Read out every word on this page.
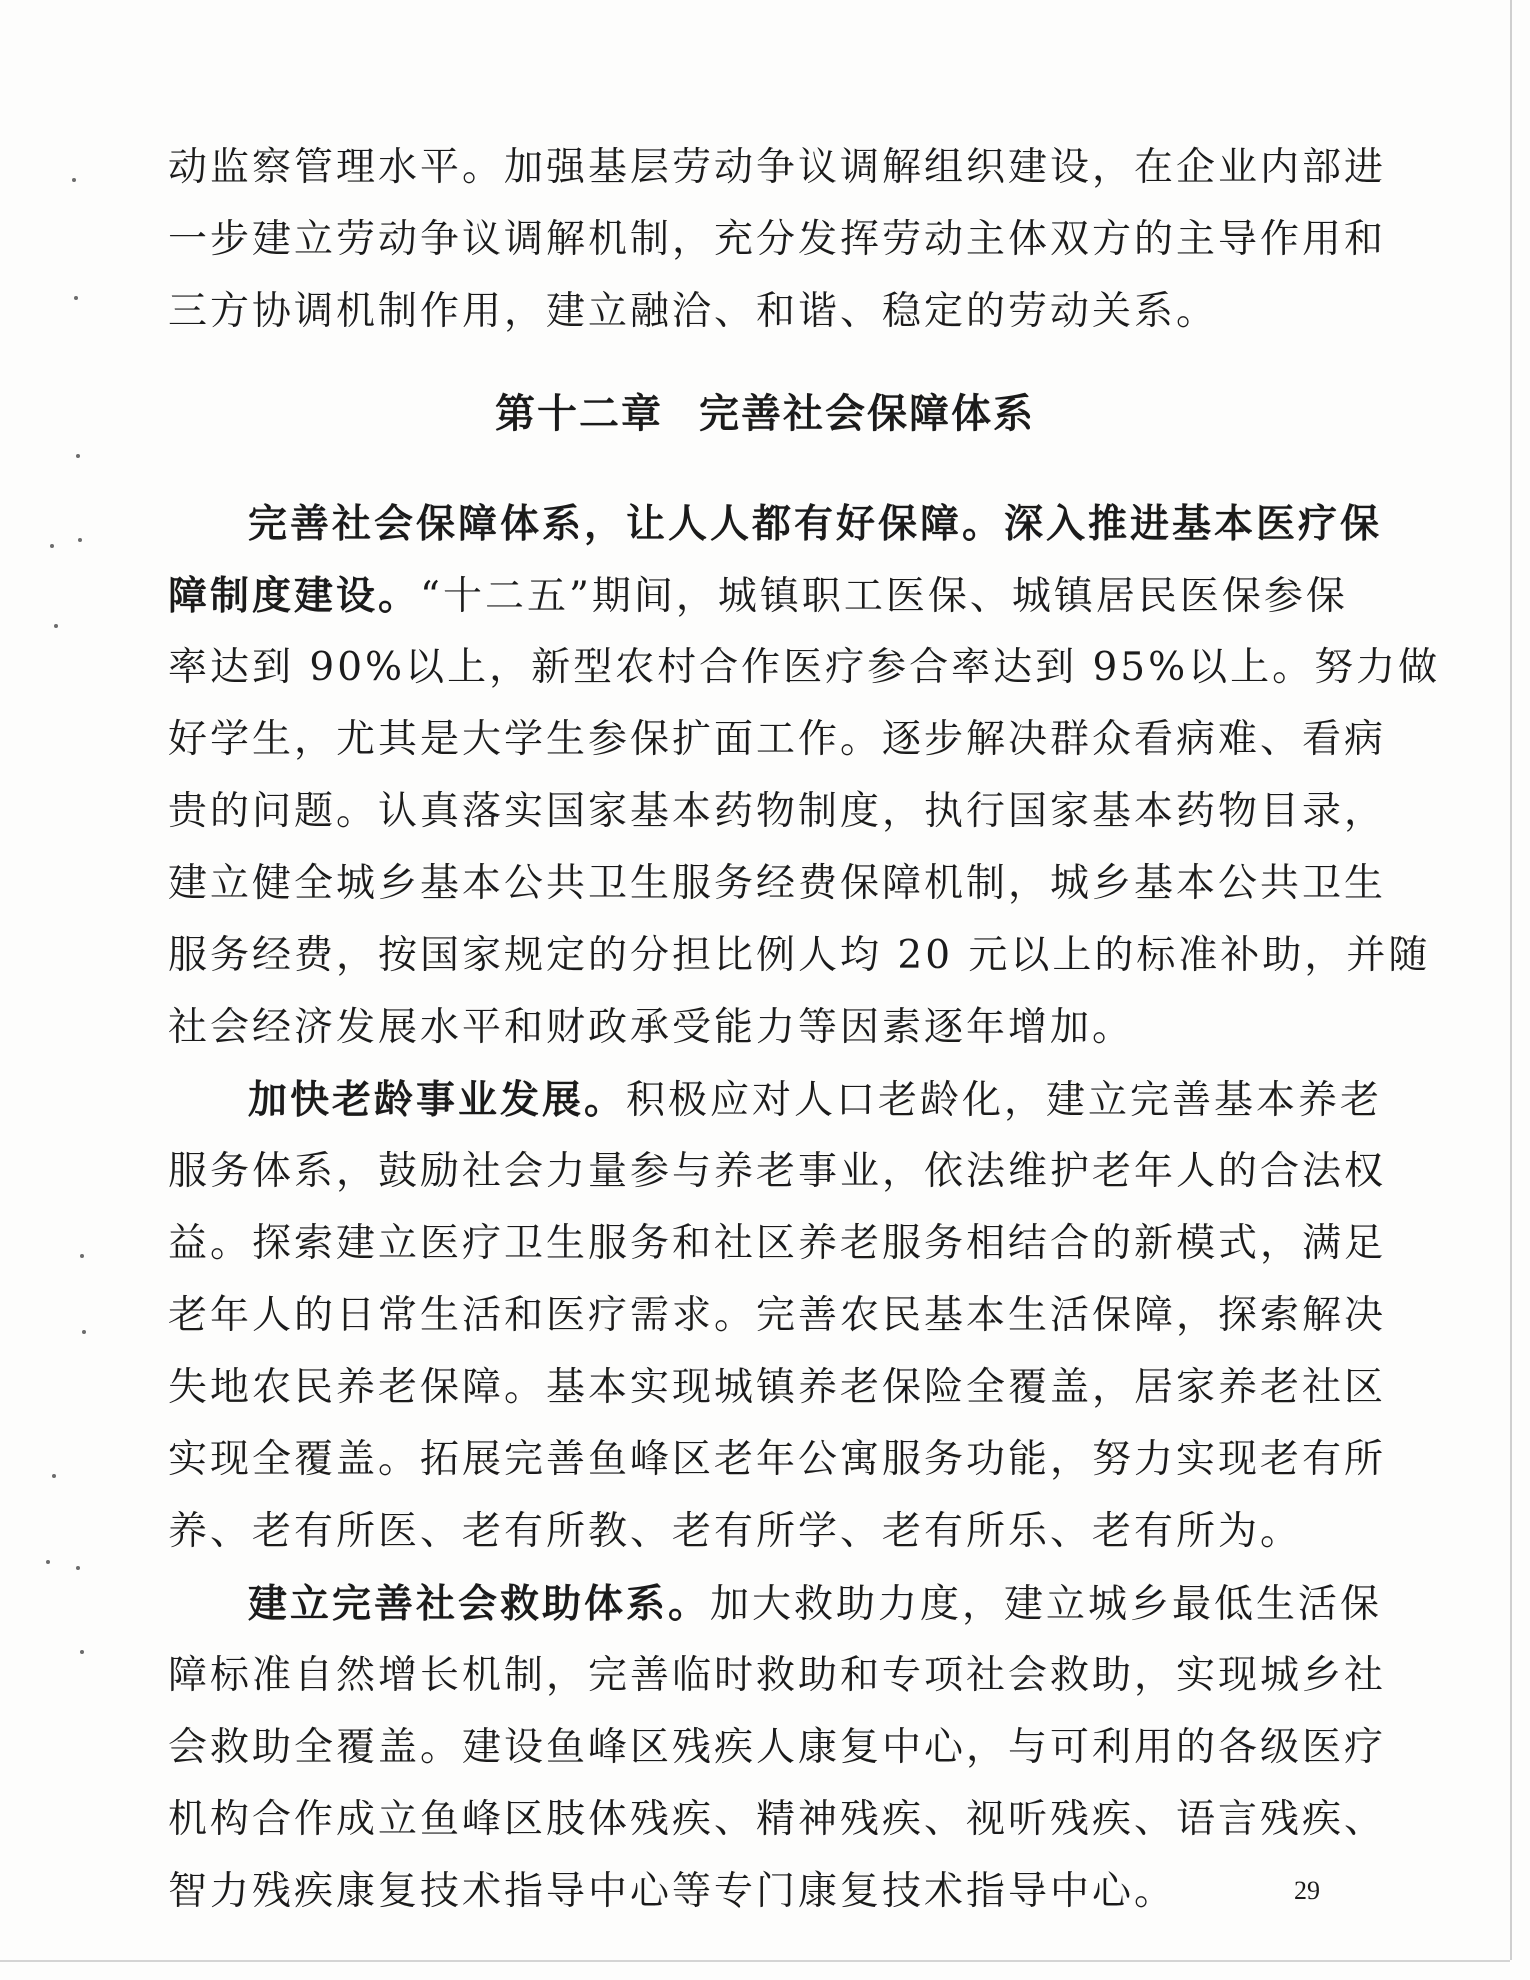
动监察管理水平。加强基层劳动争议调解组织建设，在企业内部进
一步建立劳动争议调解机制，充分发挥劳动主体双方的主导作用和
三方协调机制作用，建立融洽、和谐、稳定的劳动关系。
第十二章 完善社会保障体系
完善社会保障体系，让人人都有好保障。深入推进基本医疗保
障制度建设。“十二五”期间，城镇职工医保、城镇居民医保参保
率达到 90%以上，新型农村合作医疗参合率达到 95%以上。努力做
好学生，尤其是大学生参保扩面工作。逐步解决群众看病难、看病
贵的问题。认真落实国家基本药物制度，执行国家基本药物目录，
建立健全城乡基本公共卫生服务经费保障机制，城乡基本公共卫生
服务经费，按国家规定的分担比例人均 20 元以上的标准补助，并随
社会经济发展水平和财政承受能力等因素逐年增加。
加快老龄事业发展。积极应对人口老龄化，建立完善基本养老
服务体系，鼓励社会力量参与养老事业，依法维护老年人的合法权
益。探索建立医疗卫生服务和社区养老服务相结合的新模式，满足
老年人的日常生活和医疗需求。完善农民基本生活保障，探索解决
失地农民养老保障。基本实现城镇养老保险全覆盖，居家养老社区
实现全覆盖。拓展完善鱼峰区老年公寓服务功能，努力实现老有所
养、老有所医、老有所教、老有所学、老有所乐、老有所为。
建立完善社会救助体系。加大救助力度，建立城乡最低生活保
障标准自然增长机制，完善临时救助和专项社会救助，实现城乡社
会救助全覆盖。建设鱼峰区残疾人康复中心，与可利用的各级医疗
机构合作成立鱼峰区肢体残疾、精神残疾、视听残疾、语言残疾、
智力残疾康复技术指导中心等专门康复技术指导中心。	29
